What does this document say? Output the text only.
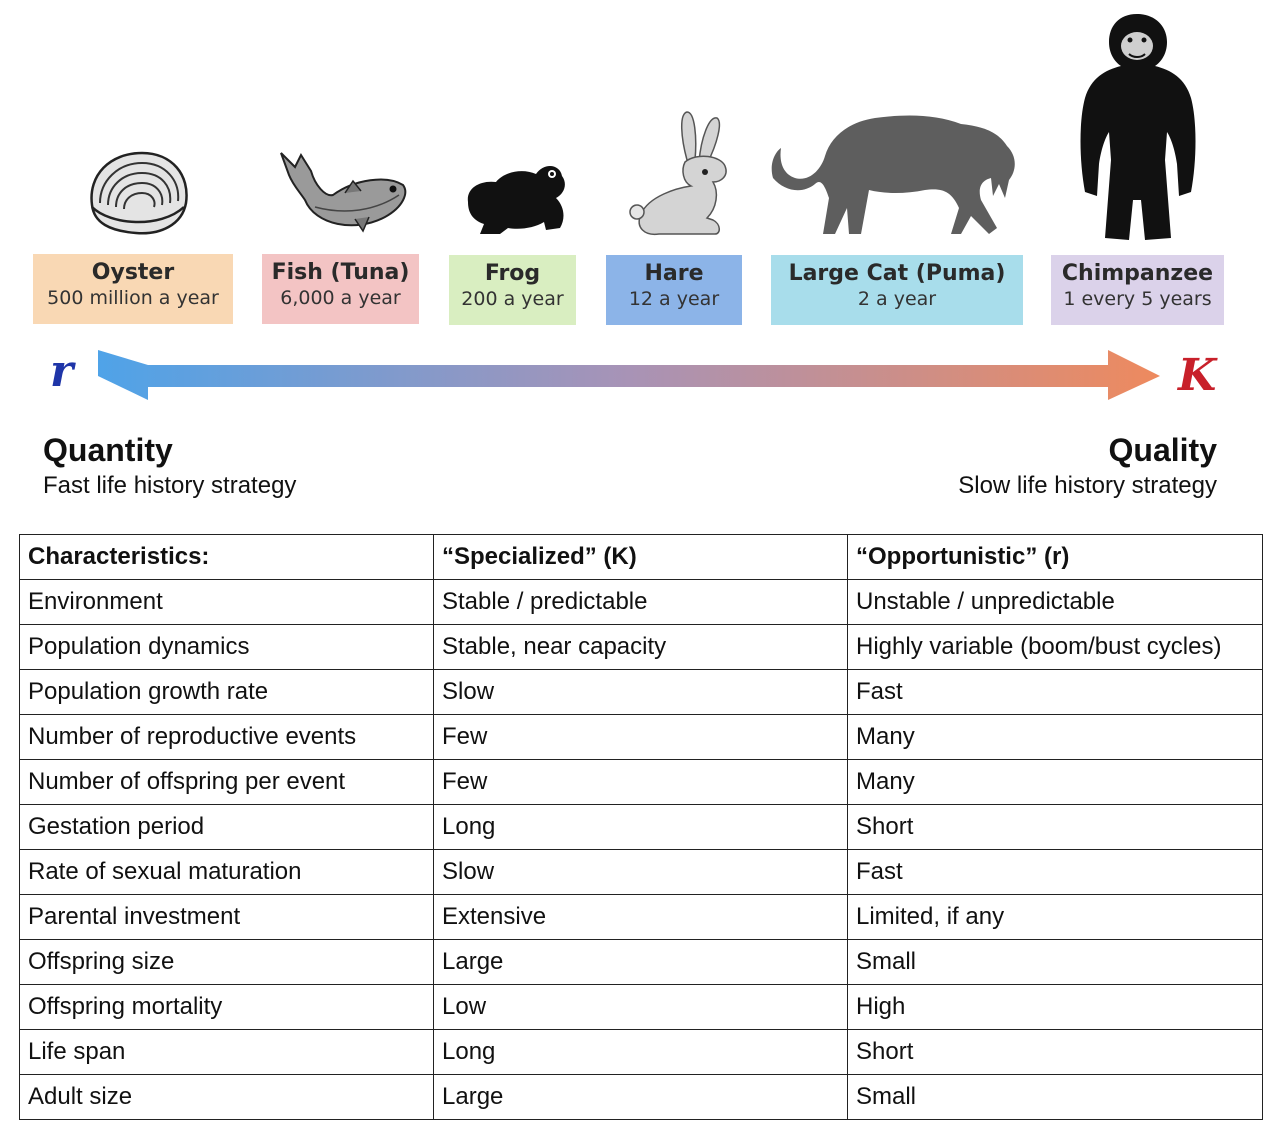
Oyster
500 million a year
Fish (Tuna)
6,000 a year
Frog
200 a year
Hare
12 a year
Large Cat (Puma)
2 a year
Chimpanzee
1 every 5 years
r	K
Quantity
Fast life history strategy
Quality
Slow life history strategy
Characteristics:	“Specialized” (K)	“Opportunistic” (r)
Environment	Stable / predictable	Unstable / unpredictable
Population dynamics	Stable, near capacity	Highly variable (boom/bust cycles)
Population growth rate	Slow	Fast
Number of reproductive events	Few	Many
Number of offspring per event	Few	Many
Gestation period	Long	Short
Rate of sexual maturation	Slow	Fast
Parental investment	Extensive	Limited, if any
Offspring size	Large	Small
Offspring mortality	Low	High
Life span	Long	Short
Adult size	Large	Small
